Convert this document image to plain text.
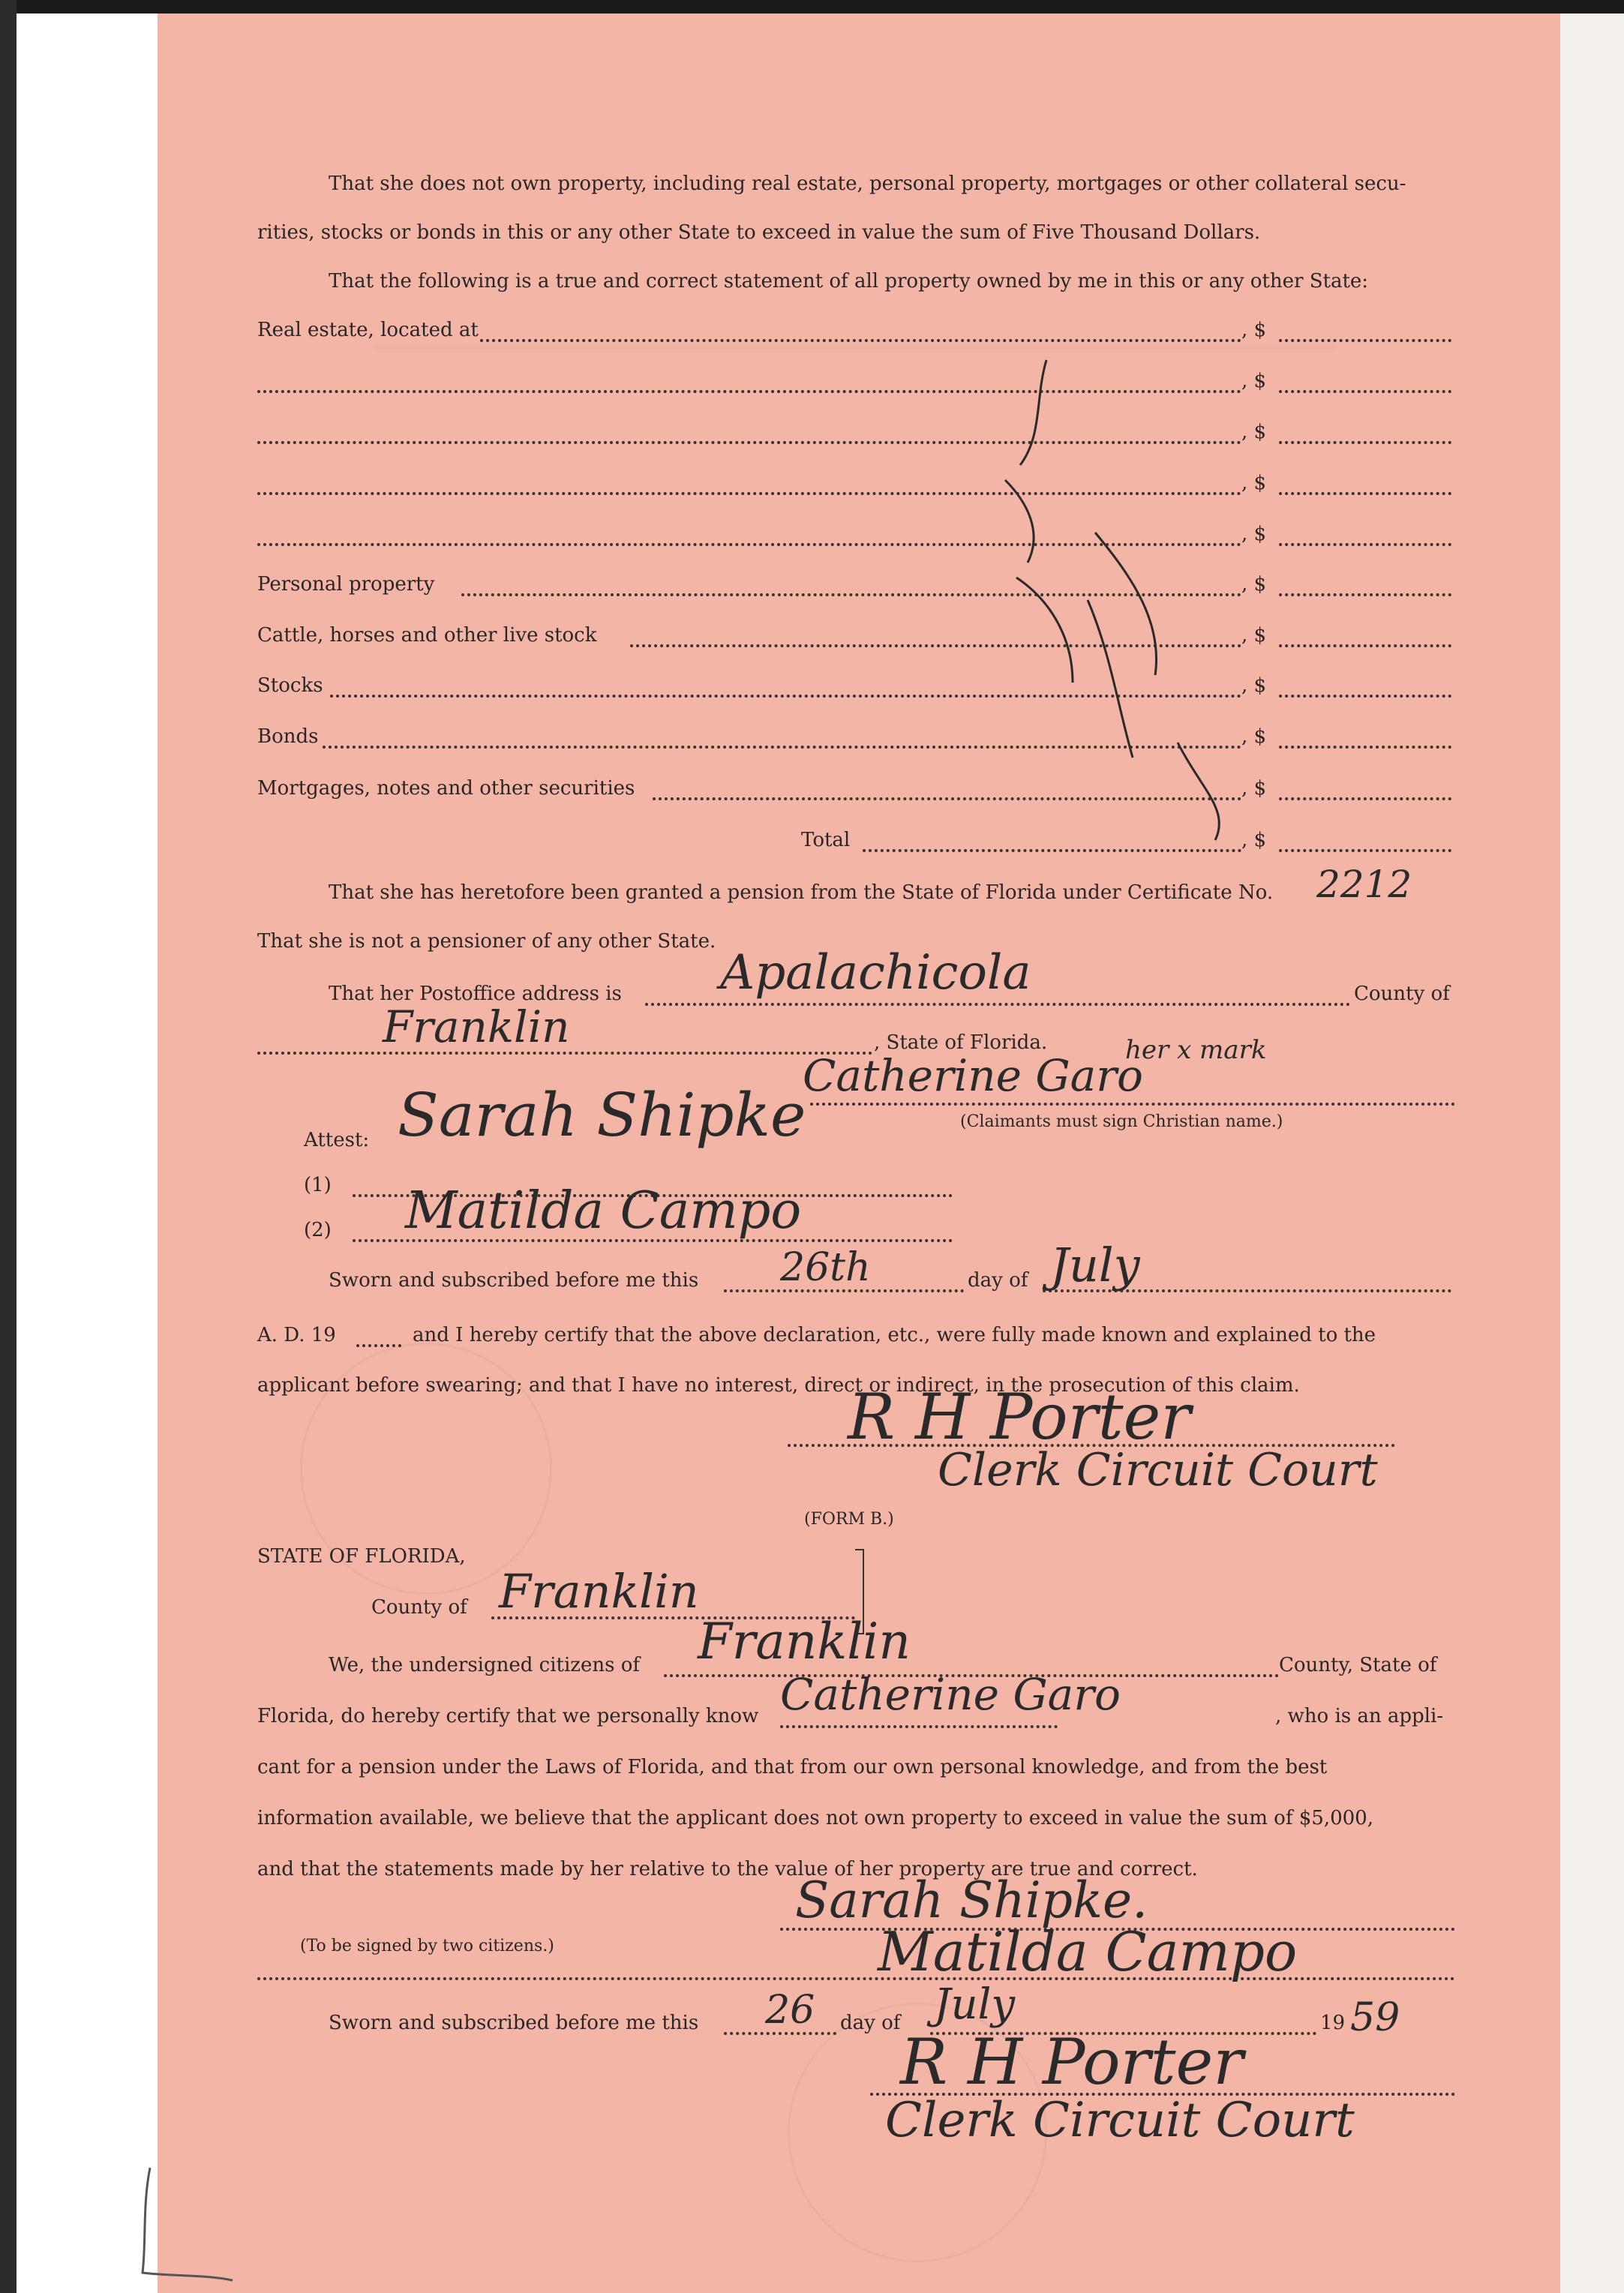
That she does not own property, including real estate, personal property, mortgages or other collateral secu-
rities, stocks or bonds in this or any other State to exceed in value the sum of Five Thousand Dollars.
That the following is a true and correct statement of all property owned by me in this or any other State:
Real estate, located at	, $
, $
, $
, $
, $
Personal property	, $
Cattle, horses and other live stock	, $
Stocks	, $
Bonds	, $
Mortgages, notes and other securities	, $
Total	, $
That she has heretofore been granted a pension from the State of Florida under Certificate No. 2212
That she is not a pensioner of any other State.
That her Postoffice address is Apalachicola	County of
Franklin	, State of Florida.	her x mark
Catherine Garo
(Claimants must sign Christian name.)
Attest: Sarah Shipke
(1)
(2) Matilda Campo
Sworn and subscribed before me this 26th	day of July
A. D. 19	and I hereby certify that the above declaration, etc., were fully made known and explained to the
applicant before swearing; and that I have no interest, direct or indirect, in the prosecution of this claim.
R H Porter
Clerk Circuit Court
(FORM B.)
STATE OF FLORIDA,
County of Franklin
We, the undersigned citizens of Franklin	County, State of
Florida, do hereby certify that we personally know Catherine Garo	, who is an appli-
cant for a pension under the Laws of Florida, and that from our own personal knowledge, and from the best
information available, we believe that the applicant does not own property to exceed in value the sum of $5,000,
and that the statements made by her relative to the value of her property are true and correct.
Sarah Shipke.
(To be signed by two citizens.)	Matilda Campo
Sworn and subscribed before me this 26 day of July	19 59
R H Porter
Clerk Circuit Court
